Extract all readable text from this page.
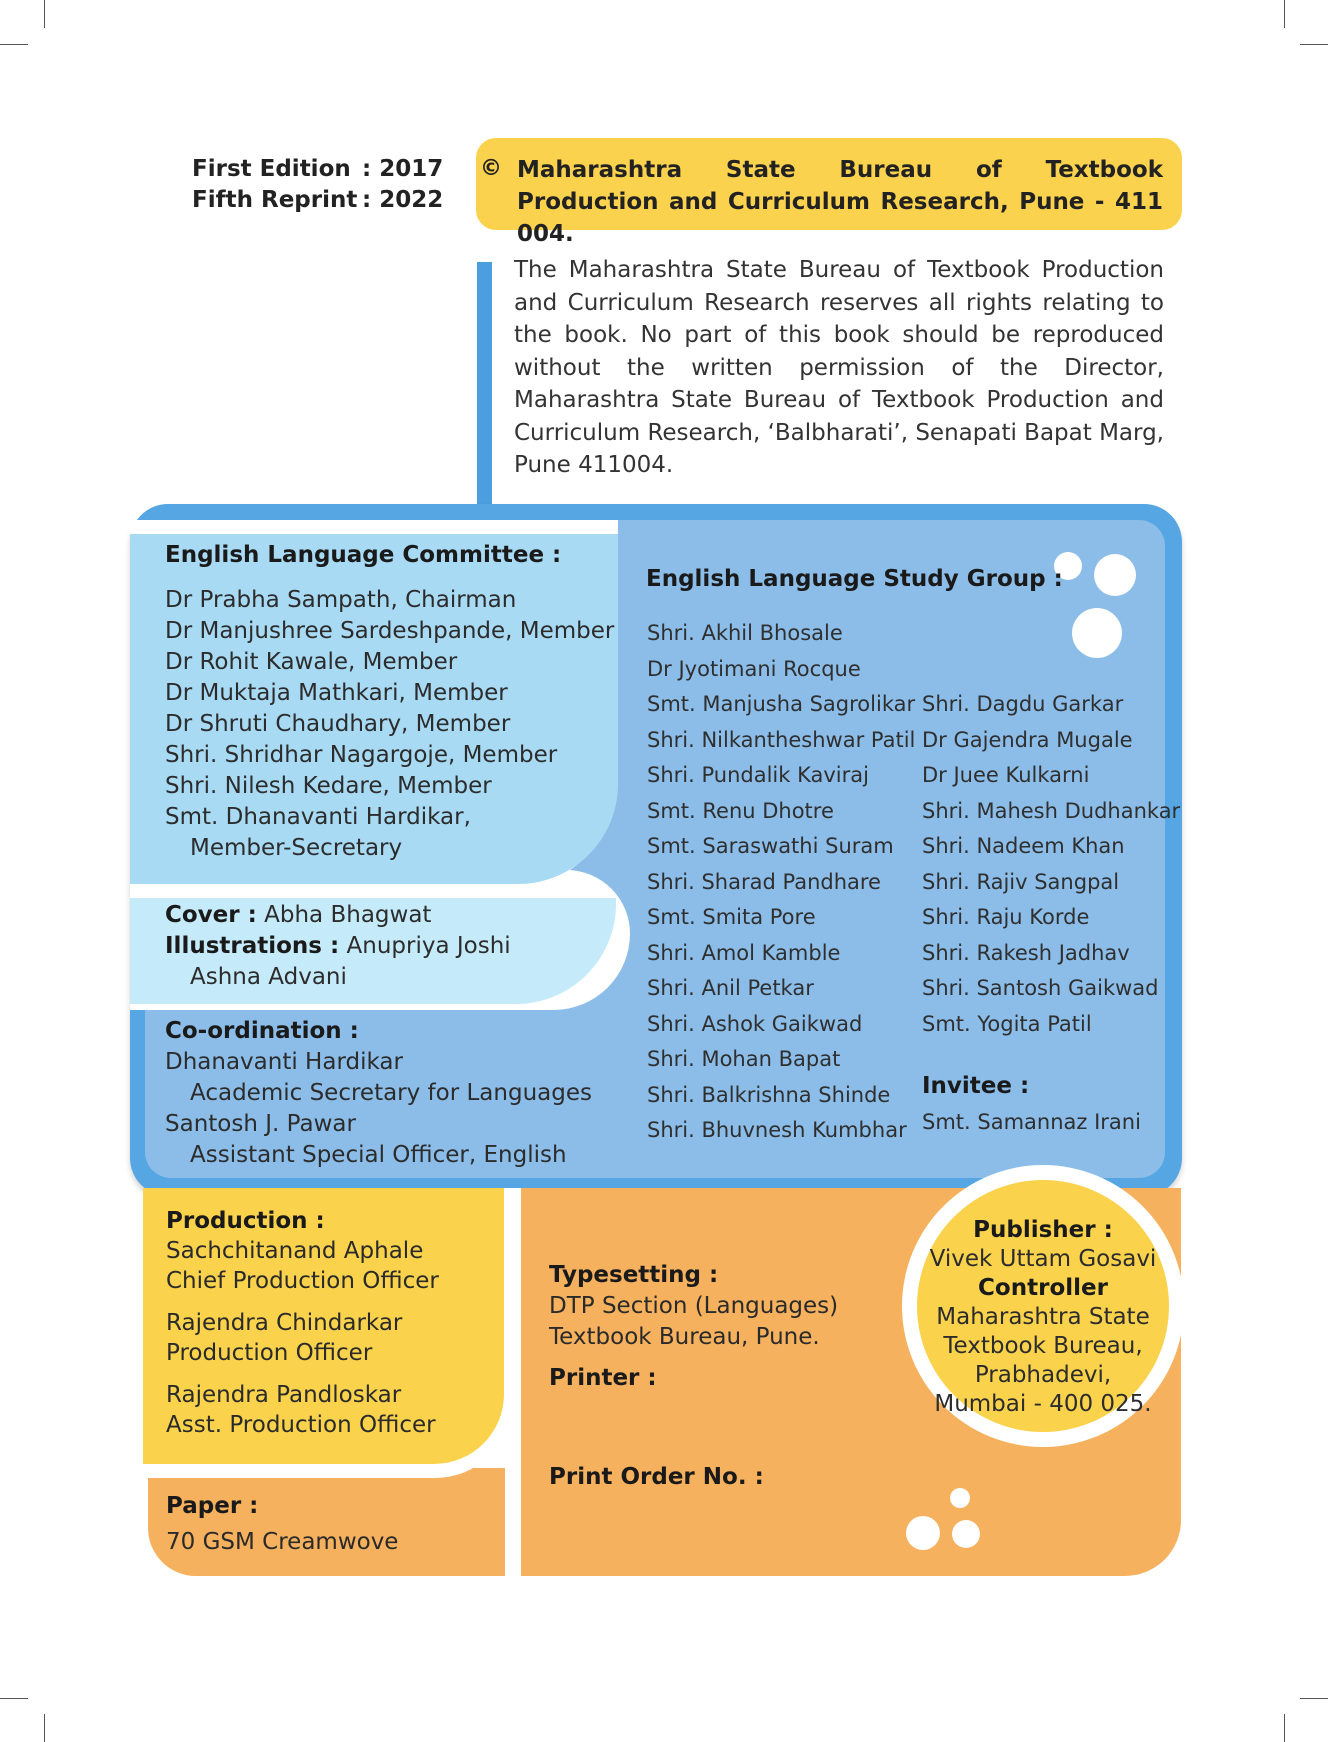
First Edition : 2017
Fifth Reprint : 2022
© Maharashtra State Bureau of Textbook Production and Curriculum Research, Pune - 411 004.
The Maharashtra State Bureau of Textbook Production and Curriculum Research reserves all rights relating to the book. No part of this book should be reproduced without the written permission of the Director, Maharashtra State Bureau of Textbook Production and Curriculum Research, ‘Balbharati’, Senapati Bapat Marg, Pune 411004.
English Language Committee :
Dr Prabha Sampath, Chairman
Dr Manjushree Sardeshpande, Member
Dr Rohit Kawale, Member
Dr Muktaja Mathkari, Member
Dr Shruti Chaudhary, Member
Shri. Shridhar Nagargoje, Member
Shri. Nilesh Kedare, Member
Smt. Dhanavanti Hardikar,
Member-Secretary
Cover : Abha Bhagwat
Illustrations : Anupriya Joshi
Ashna Advani
Co-ordination :
Dhanavanti Hardikar
Academic Secretary for Languages
Santosh J. Pawar
Assistant Special Officer, English
English Language Study Group :
Shri. Akhil Bhosale
Dr Jyotimani Rocque
Smt. Manjusha Sagrolikar
Shri. Nilkantheshwar Patil
Shri. Pundalik Kaviraj
Smt. Renu Dhotre
Smt. Saraswathi Suram
Shri. Sharad Pandhare
Smt. Smita Pore
Shri. Amol Kamble
Shri. Anil Petkar
Shri. Ashok Gaikwad
Shri. Mohan Bapat
Shri. Balkrishna Shinde
Shri. Bhuvnesh Kumbhar
Shri. Dagdu Garkar
Dr Gajendra Mugale
Dr Juee Kulkarni
Shri. Mahesh Dudhankar
Shri. Nadeem Khan
Shri. Rajiv Sangpal
Shri. Raju Korde
Shri. Rakesh Jadhav
Shri. Santosh Gaikwad
Smt. Yogita Patil
Invitee :
Smt. Samannaz Irani
Production :
Sachchitanand Aphale
Chief Production Officer
Rajendra Chindarkar
Production Officer
Rajendra Pandloskar
Asst. Production Officer
Paper :
70 GSM Creamwove
Typesetting :
DTP Section (Languages)
Textbook Bureau, Pune.
Printer :
Print Order No. :
Publisher :
Vivek Uttam Gosavi
Controller
Maharashtra State
Textbook Bureau,
Prabhadevi,
Mumbai - 400 025.
